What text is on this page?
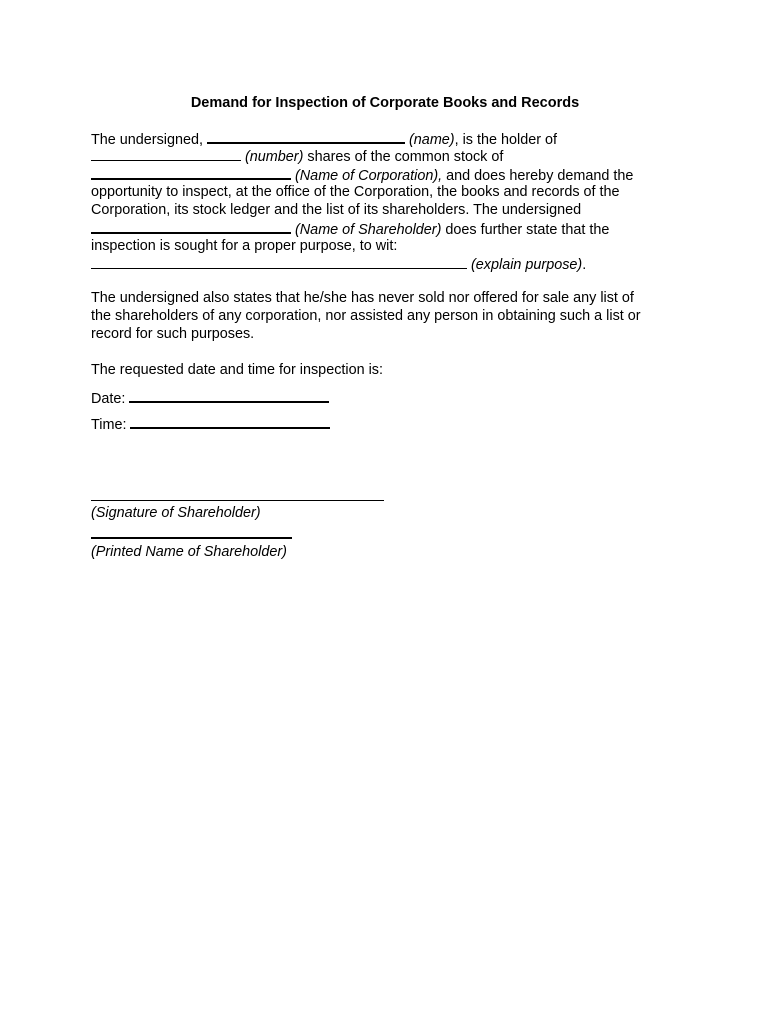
Demand for Inspection of Corporate Books and Records
The undersigned,	(name), is the holder of
(number) shares of the common stock of
(Name of Corporation), and does hereby demand the
opportunity to inspect, at the office of the Corporation, the books and records of the
Corporation, its stock ledger and the list of its shareholders. The undersigned
(Name of Shareholder) does further state that the
inspection is sought for a proper purpose, to wit:
(explain purpose).
The undersigned also states that he/she has never sold nor offered for sale any list of
the shareholders of any corporation, nor assisted any person in obtaining such a list or
record for such purposes.
The requested date and time for inspection is:
Date:
Time:
(Signature of Shareholder)
(Printed Name of Shareholder)
